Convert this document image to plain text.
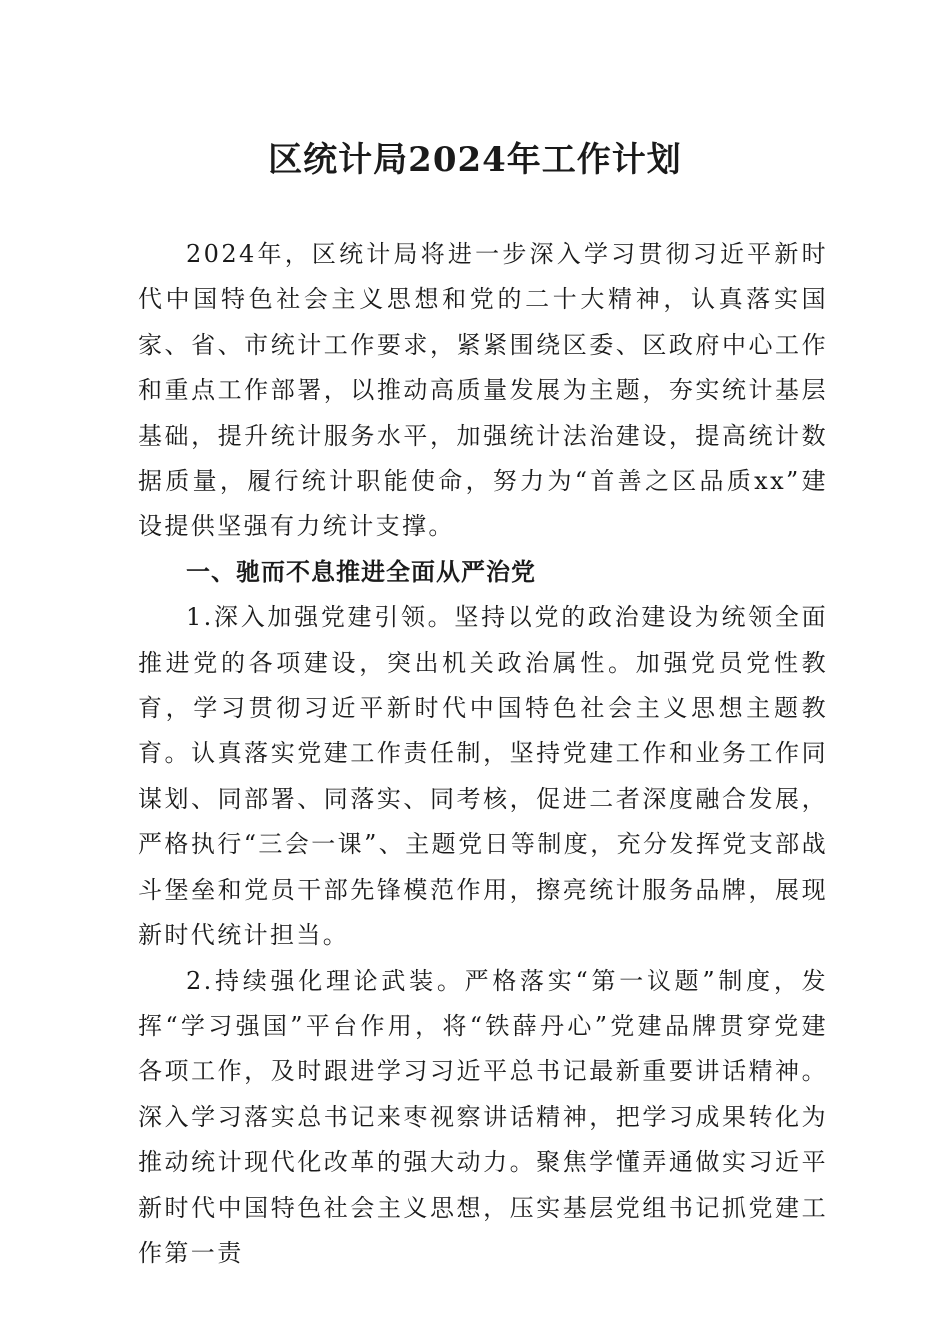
区统计局2024年工作计划

2024年，区统计局将进一步深入学习贯彻习近平新时代中国特色社会主义思想和党的二十大精神，认真落实国家、省、市统计工作要求，紧紧围绕区委、区政府中心工作和重点工作部署，以推动高质量发展为主题，夯实统计基层基础，提升统计服务水平，加强统计法治建设，提高统计数据质量，履行统计职能使命，努力为“首善之区品质xx”建设提供坚强有力统计支撑。

一、驰而不息推进全面从严治党

1.深入加强党建引领。坚持以党的政治建设为统领全面推进党的各项建设，突出机关政治属性。加强党员党性教育，学习贯彻习近平新时代中国特色社会主义思想主题教育。认真落实党建工作责任制，坚持党建工作和业务工作同谋划、同部署、同落实、同考核，促进二者深度融合发展，严格执行“三会一课”、主题党日等制度，充分发挥党支部战斗堡垒和党员干部先锋模范作用，擦亮统计服务品牌，展现新时代统计担当。

2.持续强化理论武装。严格落实“第一议题”制度，发挥“学习强国”平台作用，将“铁薛丹心”党建品牌贯穿党建各项工作，及时跟进学习习近平总书记最新重要讲话精神。深入学习落实总书记来枣视察讲话精神，把学习成果转化为推动统计现代化改革的强大动力。聚焦学懂弄通做实习近平新时代中国特色社会主义思想，压实基层党组书记抓党建工作第一责
